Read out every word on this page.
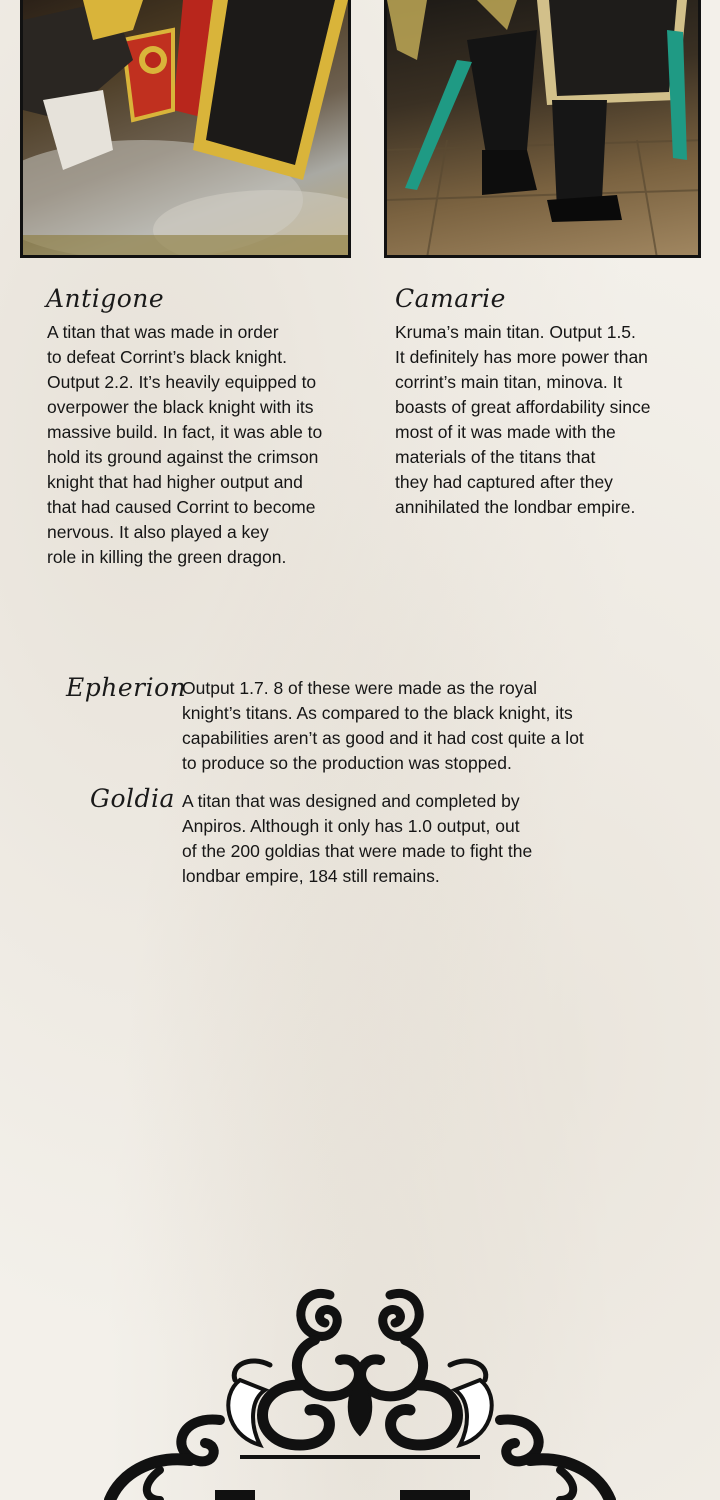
Antigone
A titan that was made in order
to defeat Corrint’s black knight.
Output 2.2. It’s heavily equipped to
overpower the black knight with its
massive build. In fact, it was able to
hold its ground against the crimson
knight that had higher output and
that had caused Corrint to become
nervous. It also played a key
role in killing the green dragon.
Camarie
Kruma’s main titan. Output 1.5.
It definitely has more power than
corrint’s main titan, minova. It
boasts of great affordability since
most of it was made with the
materials of the titans that
they had captured after they
annihilated the londbar empire.
Epherion
Output 1.7. 8 of these were made as the royal
knight’s titans. As compared to the black knight, its
capabilities aren’t as good and it had cost quite a lot
to produce so the production was stopped.
Goldia A titan that was designed and completed by
Anpiros. Although it only has 1.0 output, out
of the 200 goldias that were made to fight the
londbar empire, 184 still remains.
